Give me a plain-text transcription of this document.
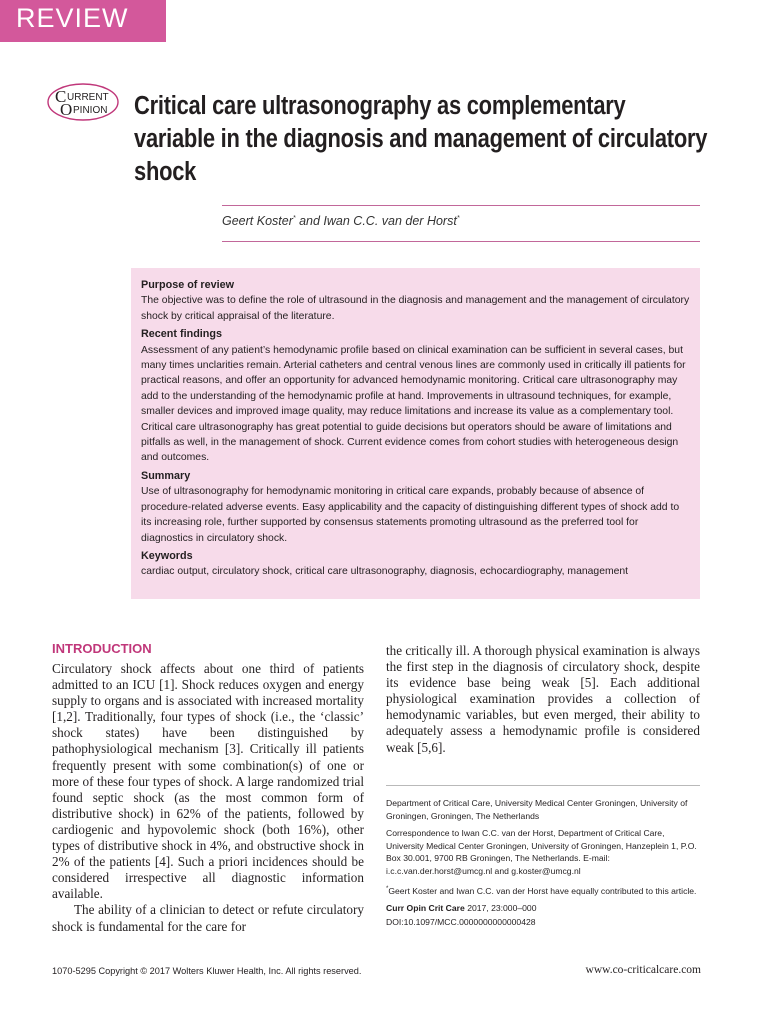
REVIEW
C URRENT
O PINION Critical care ultrasonography as complementary variable in the diagnosis and management of circulatory shock
Geert Koster* and Iwan C.C. van der Horst*
Purpose of review
The objective was to define the role of ultrasound in the diagnosis and management and the management of circulatory shock by critical appraisal of the literature.
Recent findings
Assessment of any patient’s hemodynamic profile based on clinical examination can be sufficient in several cases, but many times unclarities remain. Arterial catheters and central venous lines are commonly used in critically ill patients for practical reasons, and offer an opportunity for advanced hemodynamic monitoring. Critical care ultrasonography may add to the understanding of the hemodynamic profile at hand. Improvements in ultrasound techniques, for example, smaller devices and improved image quality, may reduce limitations and increase its value as a complementary tool. Critical care ultrasonography has great potential to guide decisions but operators should be aware of limitations and pitfalls as well, in the management of shock. Current evidence comes from cohort studies with heterogeneous design and outcomes.
Summary
Use of ultrasonography for hemodynamic monitoring in critical care expands, probably because of absence of procedure-related adverse events. Easy applicability and the capacity of distinguishing different types of shock add to its increasing role, further supported by consensus statements promoting ultrasound as the preferred tool for diagnostics in circulatory shock.
Keywords
cardiac output, circulatory shock, critical care ultrasonography, diagnosis, echocardiography, management
INTRODUCTION

Circulatory shock affects about one third of patients admitted to an ICU [1]. Shock reduces oxygen and energy supply to organs and is associated with increased mortality [1,2]. Traditionally, four types of shock (i.e., the ‘classic’ shock states) have been distinguished by pathophysiological mechanism [3]. Critically ill patients frequently present with some combination(s) of one or more of these four types of shock. A large randomized trial found septic shock (as the most common form of distributive shock) in 62% of the patients, followed by cardiogenic and hypovolemic shock (both 16%), other types of distributive shock in 4%, and obstructive shock in 2% of the patients [4]. Such a priori incidences should be considered irrespective all diagnostic information available.

The ability of a clinician to detect or refute circulatory shock is fundamental for the care for

the critically ill. A thorough physical examination is always the first step in the diagnosis of circulatory shock, despite its evidence base being weak [5]. Each additional physiological examination provides a collection of hemodynamic variables, but even merged, their ability to adequately assess a hemodynamic profile is considered weak [5,6].

Department of Critical Care, University Medical Center Groningen, University of Groningen, Groningen, The Netherlands

Correspondence to Iwan C.C. van der Horst, Department of Critical Care, University Medical Center Groningen, University of Groningen, Hanzeplein 1, P.O. Box 30.001, 9700 RB Groningen, The Netherlands. E-mail: i.c.c.van.der.horst@umcg.nl and g.koster@umcg.nl

*Geert Koster and Iwan C.C. van der Horst have equally contributed to this article.

Curr Opin Crit Care 2017, 23:000–000

DOI:10.1097/MCC.0000000000000428

1070-5295 Copyright © 2017 Wolters Kluwer Health, Inc. All rights reserved.	www.co-criticalcare.com
